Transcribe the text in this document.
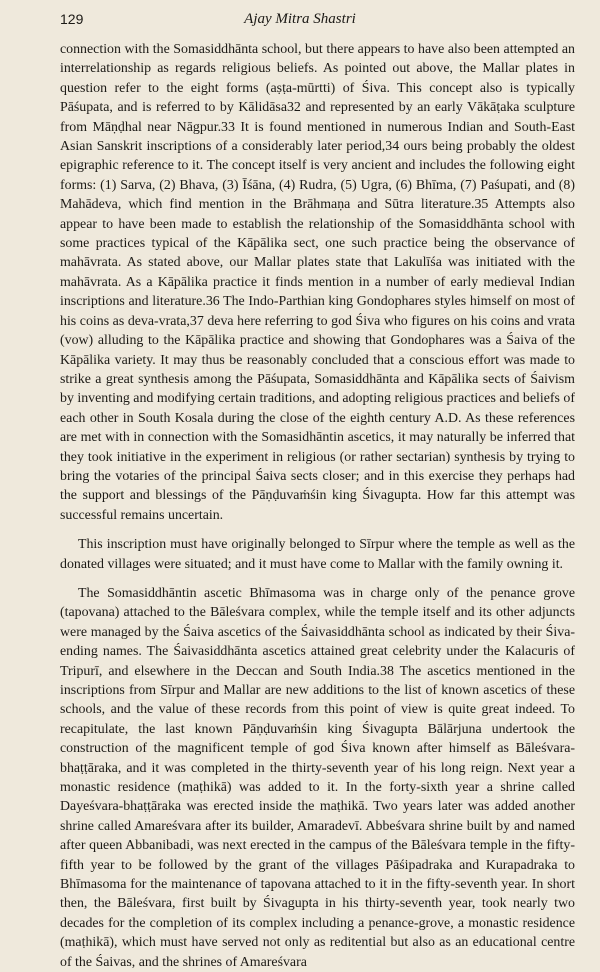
129	Ajay Mitra Shastri

connection with the Somasiddhānta school, but there appears to have also been attempted an interrelationship as regards religious beliefs. As pointed out above, the Mallar plates in question refer to the eight forms (aṣṭa-mūrtti) of Śiva. This concept also is typically Pāśupata, and is referred to by Kālidāsa32 and represented by an early Vākāṭaka sculpture from Māṇḍhal near Nāgpur.33 It is found mentioned in numerous Indian and South-East Asian Sanskrit inscriptions of a considerably later period,34 ours being probably the oldest epigraphic reference to it. The concept itself is very ancient and includes the following eight forms: (1) Sarva, (2) Bhava, (3) Īśāna, (4) Rudra, (5) Ugra, (6) Bhīma, (7) Paśupati, and (8) Mahādeva, which find mention in the Brāhmaṇa and Sūtra literature.35 Attempts also appear to have been made to establish the relationship of the Somasiddhānta school with some practices typical of the Kāpālika sect, one such practice being the observance of mahāvrata. As stated above, our Mallar plates state that Lakulīśa was initiated with the mahāvrata. As a Kāpālika practice it finds mention in a number of early medieval Indian inscriptions and literature.36 The Indo-Parthian king Gondophares styles himself on most of his coins as deva-vrata,37 deva here referring to god Śiva who figures on his coins and vrata (vow) alluding to the Kāpālika practice and showing that Gondophares was a Śaiva of the Kāpālika variety. It may thus be reasonably concluded that a conscious effort was made to strike a great synthesis among the Pāśupata, Somasiddhānta and Kāpālika sects of Śaivism by inventing and modifying certain traditions, and adopting religious practices and beliefs of each other in South Kosala during the close of the eighth century A.D. As these references are met with in connection with the Somasidhāntin ascetics, it may naturally be inferred that they took initiative in the experiment in religious (or rather sectarian) synthesis by trying to bring the votaries of the principal Śaiva sects closer; and in this exercise they perhaps had the support and blessings of the Pāṇḍuvaṁśin king Śivagupta. How far this attempt was successful remains uncertain.

This inscription must have originally belonged to Sīrpur where the temple as well as the donated villages were situated; and it must have come to Mallar with the family owning it.

The Somasiddhāntin ascetic Bhīmasoma was in charge only of the penance grove (tapovana) attached to the Bāleśvara complex, while the temple itself and its other adjuncts were managed by the Śaiva ascetics of the Śaivasiddhānta school as indicated by their Śiva-ending names. The Śaivasiddhānta ascetics attained great celebrity under the Kalacuris of Tripurī, and elsewhere in the Deccan and South India.38 The ascetics mentioned in the inscriptions from Sīrpur and Mallar are new additions to the list of known ascetics of these schools, and the value of these records from this point of view is quite great indeed. To recapitulate, the last known Pāṇḍuvaṁśin king Śivagupta Bālārjuna undertook the construction of the magnificent temple of god Śiva known after himself as Bāleśvara-bhaṭṭāraka, and it was completed in the thirty-seventh year of his long reign. Next year a monastic residence (maṭhikā) was added to it. In the forty-sixth year a shrine called Dayeśvara-bhaṭṭāraka was erected inside the maṭhikā. Two years later was added another shrine called Amareśvara after its builder, Amaradevī. Abbeśvara shrine built by and named after queen Abbanibadi, was next erected in the campus of the Bāleśvara temple in the fifty-fifth year to be followed by the grant of the villages Pāśipadraka and Kurapadraka to Bhīmasoma for the maintenance of tapovana attached to it in the fifty-seventh year. In short then, the Bāleśvara, first built by Śivagupta in his thirty-seventh year, took nearly two decades for the completion of its complex including a penance-grove, a monastic residence (maṭhikā), which must have served not only as reditential but also as an educational centre of the Śaivas, and the shrines of Amareśvara
